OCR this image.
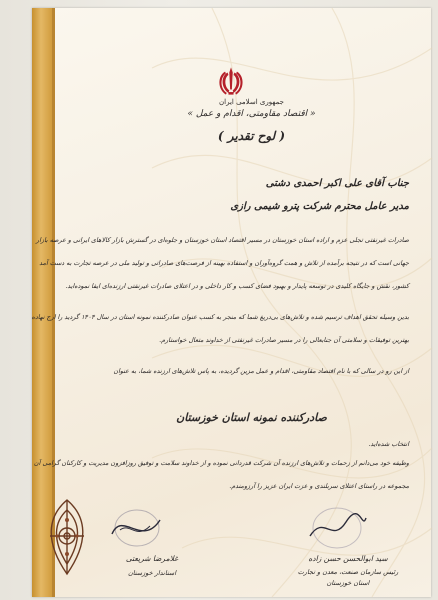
جمهوری اسلامی ایران
« اقتصاد مقاومتی، اقدام و عمل »
( لوح تقدیر )
جناب آقای علی اکبر احمدی دشتی
مدیر عامل محترم شرکت پترو شیمی رازی
صادرات غیرنفتی تجلی عزم و اراده استان خوزستان در مسیر اقتصاد استان خوزستان و جلوه‌ای در گسترش بازار کالاهای ایرانی و عرصه بازار
جهانی است که در نتیجه برآمده از تلاش و همت گروه‌آوران و استفاده بهینه از فرصت‌های صادراتی و تولید ملی در عرصه تجارت به دست آمد
کشور، نقش و جایگاه کلیدی در توسعه پایدار و بهبود فضای کسب و کار داخلی و در اعتلای صادرات غیرنفتی ارزنده‌ای ایفا نموده‌اید.
بدین وسیله تحقق اهداف ترسیم شده و تلاش‌های بی‌دریغ شما که منجر به کسب عنوان صادرکننده نمونه استان در سال ۱۴۰۴ گردید را ارج نهاده
بهترین توفیقات و سلامتی آن جنابعالی را در مسیر صادرات غیرنفتی از خداوند متعال خواستارم.
از این رو در سالی که با نام اقتصاد مقاومتی، اقدام و عمل مزین گردیده، به پاس تلاش‌های ارزنده شما، به عنوان
صادرکننده نمونه استان خوزستان
انتخاب شده‌اید.
وظیفه خود می‌دانم از زحمات و تلاش‌های ارزنده آن شرکت قدردانی نموده و از خداوند سلامت و توفیق روزافزون مدیریت و کارکنان گرامی آن
مجموعه در راستای اعتلای سربلندی و عزت ایران عزیز را آرزومندم.
غلامرضا شریعتی
استاندار خوزستان
سید ابوالحسن حسن زاده
رئیس سازمان صنعت، معدن و تجارت
استان خوزستان
